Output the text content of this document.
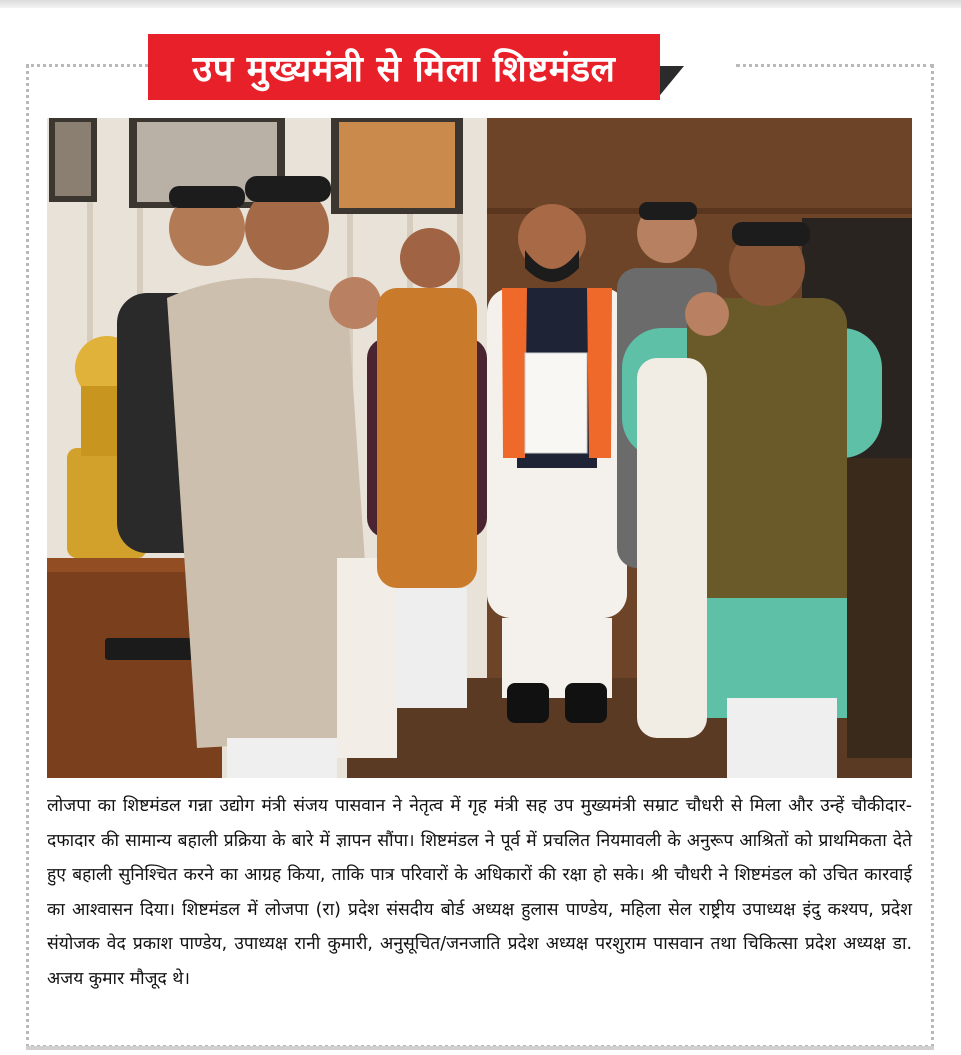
उप मुख्यमंत्री से मिला शिष्टमंडल

लोजपा का शिष्टमंडल गन्ना उद्योग मंत्री संजय पासवान ने नेतृत्व में गृह मंत्री सह उप मुख्यमंत्री सम्राट चौधरी से मिला और उन्हें चौकीदार-दफादार की सामान्य बहाली प्रक्रिया के बारे में ज्ञापन सौंपा। शिष्टमंडल ने पूर्व में प्रचलित नियमावली के अनुरूप आश्रितों को प्राथमिकता देते हुए बहाली सुनिश्चित करने का आग्रह किया, ताकि पात्र परिवारों के अधिकारों की रक्षा हो सके। श्री चौधरी ने शिष्टमंडल को उचित कारवाई का आश्वासन दिया। शिष्टमंडल में लोजपा (रा) प्रदेश संसदीय बोर्ड अध्यक्ष हुलास पाण्डेय, महिला सेल राष्ट्रीय उपाध्यक्ष इंदु कश्यप, प्रदेश संयोजक वेद प्रकाश पाण्डेय, उपाध्यक्ष रानी कुमारी, अनुसूचित/जनजाति प्रदेश अध्यक्ष परशुराम पासवान तथा चिकित्सा प्रदेश अध्यक्ष डा. अजय कुमार मौजूद थे।
